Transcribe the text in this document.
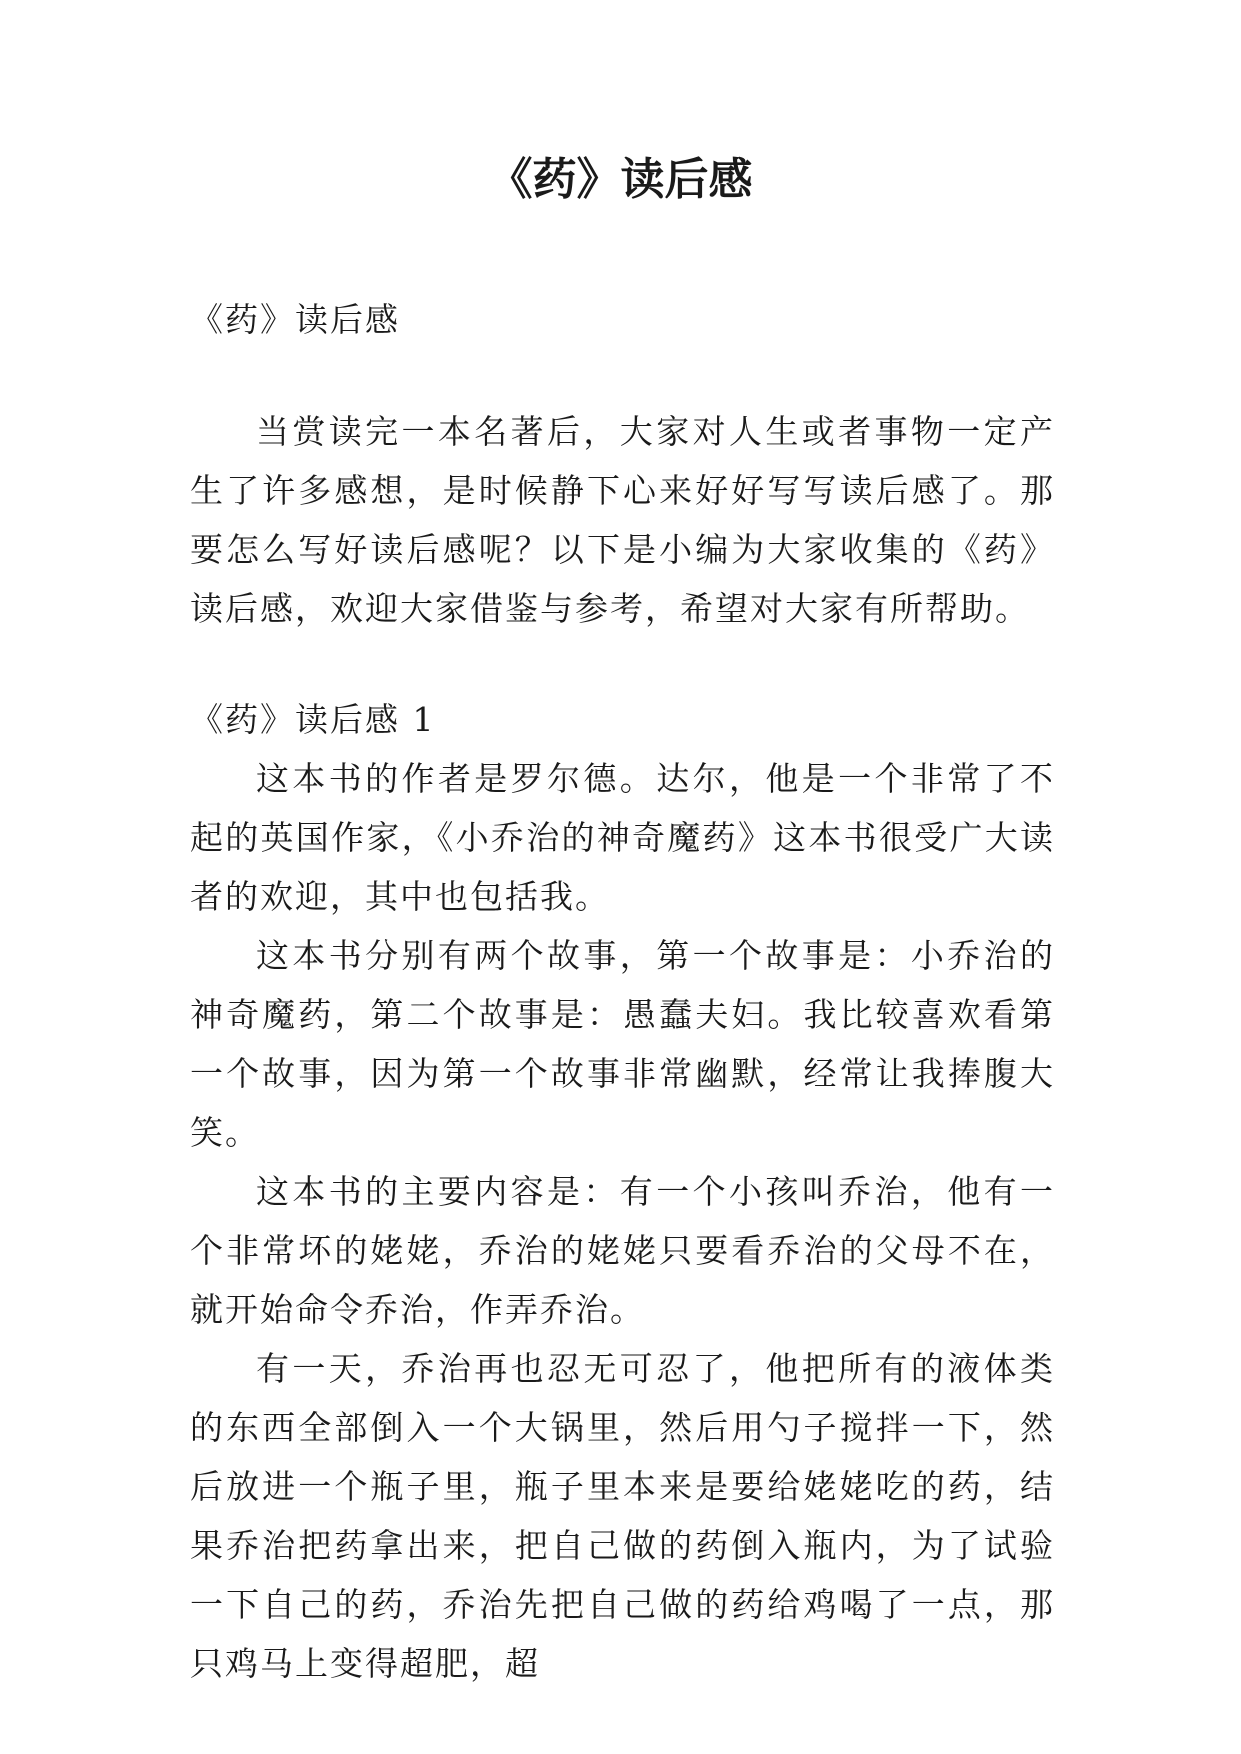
《药》读后感

《药》读后感

当赏读完一本名著后，大家对人生或者事物一定产生了许多感想，是时候静下心来好好写写读后感了。那要怎么写好读后感呢？以下是小编为大家收集的《药》读后感，欢迎大家借鉴与参考，希望对大家有所帮助。

《药》读后感 1

这本书的作者是罗尔德。达尔，他是一个非常了不起的英国作家，《小乔治的神奇魔药》这本书很受广大读者的欢迎，其中也包括我。

这本书分别有两个故事，第一个故事是：小乔治的神奇魔药，第二个故事是：愚蠢夫妇。我比较喜欢看第一个故事，因为第一个故事非常幽默，经常让我捧腹大笑。

这本书的主要内容是：有一个小孩叫乔治，他有一个非常坏的姥姥，乔治的姥姥只要看乔治的父母不在，就开始命令乔治，作弄乔治。

有一天，乔治再也忍无可忍了，他把所有的液体类的东西全部倒入一个大锅里，然后用勺子搅拌一下，然后放进一个瓶子里，瓶子里本来是要给姥姥吃的药，结果乔治把药拿出来，把自己做的药倒入瓶内，为了试验一下自己的药，乔治先把自己做的药给鸡喝了一点，那只鸡马上变得超肥，超
